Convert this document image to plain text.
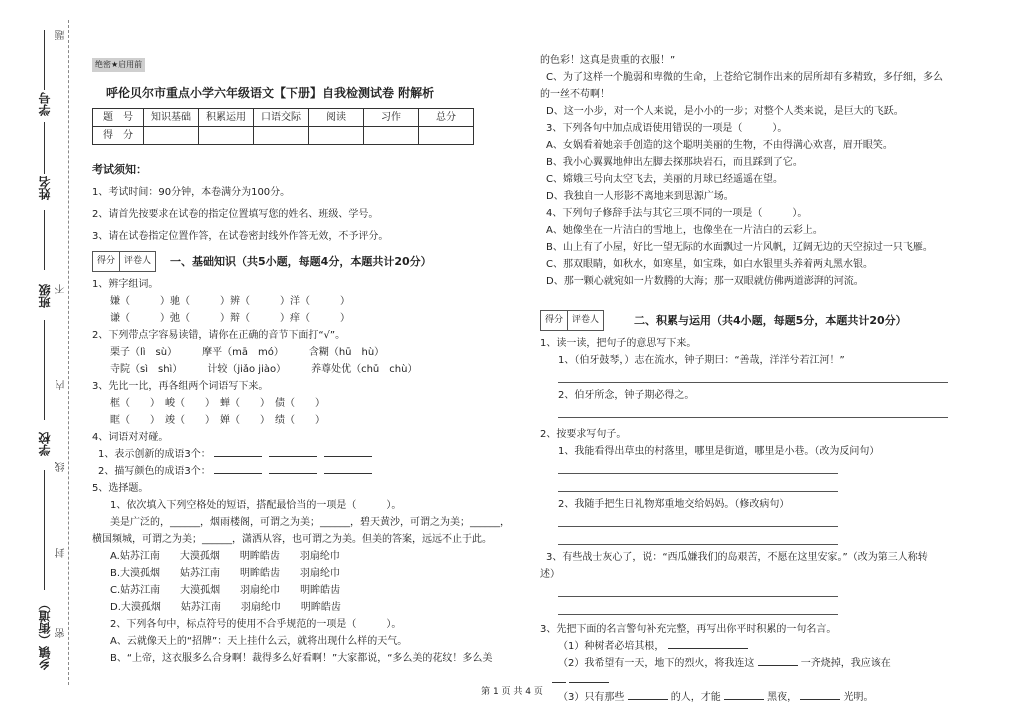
题
学号
姓名
班级 不
内
学校
线
封
乡镇（街道） 密
绝密★启用前
呼伦贝尔市重点小学六年级语文【下册】自我检测试卷 附解析
题　号	知识基础	积累运用	口语交际	阅读	习作	总分
得　分						
考试须知：
1、考试时间：90分钟，本卷满分为100分。
2、请首先按要求在试卷的指定位置填写您的姓名、班级、学号。
3、请在试卷指定位置作答，在试卷密封线外作答无效，不予评分。
得分	评卷人	一、基础知识（共5小题，每题4分，本题共计20分）
1、辨字组词。
嫌（　　　）驰（　　　）辨（　　　）洋（　　　）
谦（　　　）弛（　　　）辩（　　　）痒（　　　）
2、下列带点字容易读错，请你在正确的音节下面打“√”。
栗子（lì　sù）　　　摩平（mā　mó）　　　含糊（hū　hù）
寺院（sì　shì）　　　计较（jiǎo jiào）　　　养尊处优（chǔ　chù）
3、先比一比，再各组两个词语写下来。
框（　　）　峻（　　）　蝉（　　）　债（　　）
眶（　　）　竣（　　）　婵（　　）　绩（　　）
4、词语对对碰。
1、表示创新的成语3个：
2、描写颜色的成语3个：
5、选择题。
1、依次填入下列空格处的短语，搭配最恰当的一项是（　　　）。
美是广泛的，______，烟雨楼阁，可谓之为美；______，碧天黄沙，可谓之为美；______，
横国频城，可谓之为美；______，潇洒从容，也可谓之为美。但美的答案，远远不止于此。
A.姑苏江南　　大漠孤烟　　明眸皓齿　　羽扇纶巾
B.大漠孤烟　　姑苏江南　　明眸皓齿　　羽扇纶巾
C.姑苏江南　　大漠孤烟　　羽扇纶巾　　明眸皓齿
D.大漠孤烟　　姑苏江南　　羽扇纶巾　　明眸皓齿
2、下列各句中，标点符号的使用不合乎规范的一项是（　　　）。
A、云就像天上的“招牌”：天上挂什么云，就将出现什么样的天气。
B、“上帝，这衣服多么合身啊！裁得多么好看啊！”大家都说，“多么美的花纹！多么美
的色彩！这真是贵重的衣服！”
C、为了这样一个脆弱和卑微的生命，上苍给它制作出来的居所却有多精致，多仔细，多么
的一丝不苟啊！
D、这一小步，对一个人来说，是小小的一步；对整个人类来说，是巨大的飞跃。
3、下列各句中加点成语使用错误的一项是（　　　）。
A、女娲看着她亲手创造的这个聪明美丽的生物，不由得满心欢喜，眉开眼笑。
B、我小心翼翼地伸出左脚去探那块岩石，而且踩到了它。
C、嫦娥三号向太空飞去，美丽的月球已经遥遥在望。
D、我独自一人形影不离地来到思源广场。
4、下列句子修辞手法与其它三项不同的一项是（　　　）。
A、她像坐在一片洁白的雪地上，也像坐在一片洁白的云彩上。
B、山上有了小屋，好比一望无际的水面飘过一片风帆，辽阔无边的天空掠过一只飞雁。
C、那双眼睛，如秋水，如寒星，如宝珠，如白水银里头养着两丸黑水银。
D、那一颗心就宛如一片数腾的大海；那一双眼就仿佛两道澎湃的河流。
得分	评卷人	二、积累与运用（共4小题，每题5分，本题共计20分）
1、读一读，把句子的意思写下来。
1、（伯牙鼓琴，）志在流水，钟子期曰：“善哉，洋洋兮若江河！”
2、伯牙所念，钟子期必得之。
2、按要求写句子。
1、我能看得出草虫的村落里，哪里是街道，哪里是小巷。（改为反问句）
2、我随手把生日礼物郑重地交给妈妈。（修改病句）
3、有些战士灰心了，说：“西瓜嫌我们的岛艰苦，不愿在这里安家。”（改为第三人称转
述）
3、先把下面的名言警句补充完整，再写出你平时积累的一句名言。
（1）种树者必培其根，
（2）我希望有一天，地下的烈火，将我连这	一齐烧掉，我应该在

（3）只有那些	的人，才能	黑夜，	光明。
第 1 页 共 4 页
